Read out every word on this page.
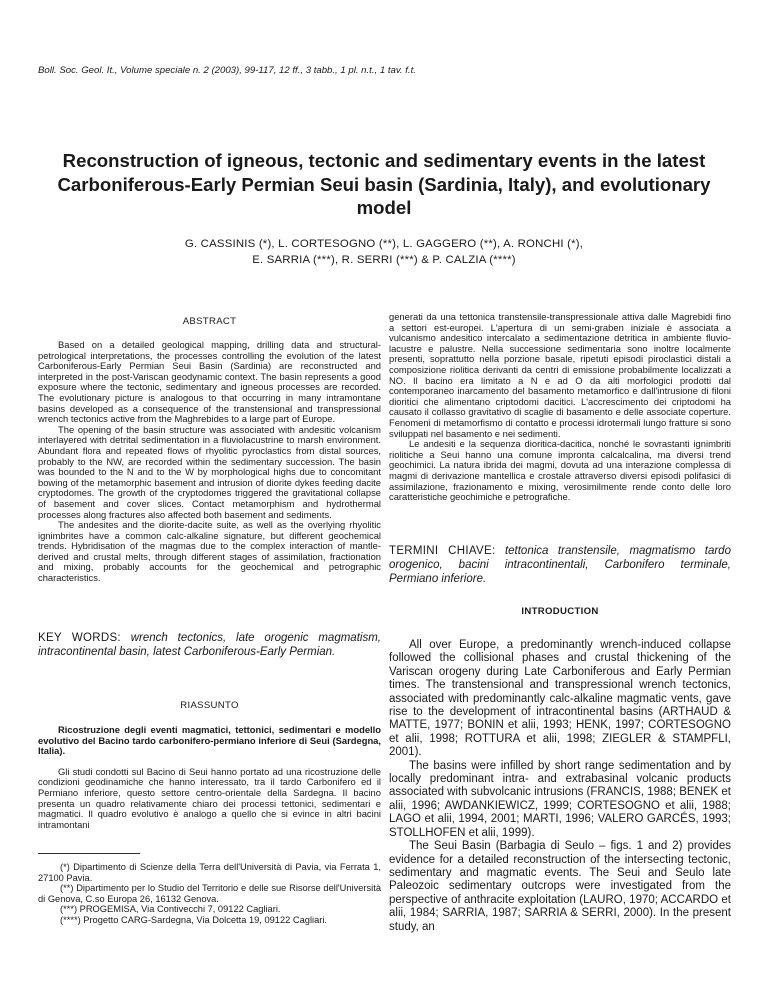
Boll. Soc. Geol. It., Volume speciale n. 2 (2003), 99-117, 12 ff., 3 tabb., 1 pl. n.t., 1 tav. f.t.
Reconstruction of igneous, tectonic and sedimentary events in the latest Carboniferous-Early Permian Seui basin (Sardinia, Italy), and evolutionary model
G. CASSINIS (*), L. CORTESOGNO (**), L. GAGGERO (**), A. RONCHI (*),
E. SARRIA (***), R. SERRI (***) & P. CALZIA (****)
ABSTRACT

Based on a detailed geological mapping, drilling data and structural-petrological interpretations, the processes controlling the evolution of the latest Carboniferous-Early Permian Seui Basin (Sardinia) are reconstructed and interpreted in the post-Variscan geodynamic context. The basin represents a good exposure where the tectonic, sedimentary and igneous processes are recorded. The evolutionary picture is analogous to that occurring in many intramontane basins developed as a consequence of the transtensional and transpressional wrench tectonics active from the Maghrebides to a large part of Europe.

The opening of the basin structure was associated with andesitic volcanism interlayered with detrital sedimentation in a fluviolacustrine to marsh environment. Abundant flora and repeated flows of rhyolitic pyroclastics from distal sources, probably to the NW, are recorded within the sedimentary succession. The basin was bounded to the N and to the W by morphological highs due to concomitant bowing of the metamorphic basement and intrusion of diorite dykes feeding dacite cryptodomes. The growth of the cryptodomes triggered the gravitational collapse of basement and cover slices. Contact metamorphism and hydrothermal processes along fractures also affected both basement and sediments.

The andesites and the diorite-dacite suite, as well as the overlying rhyolitic ignimbrites have a common calc-alkaline signature, but different geochemical trends. Hybridisation of the magmas due to the complex interaction of mantle-derived and crustal melts, through different stages of assimilation, fractionation and mixing, probably accounts for the geochemical and petrographic characteristics.

KEY WORDS: wrench tectonics, late orogenic magmatism, intracontinental basin, latest Carboniferous-Early Permian.
RIASSUNTO
Ricostruzione degli eventi magmatici, tettonici, sedimentari e modello evolutivo del Bacino tardo carbonifero-permiano inferiore di Seui (Sardegna, Italia).

Gli studi condotti sul Bacino di Seui hanno portato ad una ricostruzione delle condizioni geodinamiche che hanno interessato, tra il tardo Carbonifero ed il Permiano inferiore, questo settore centro-orientale della Sardegna. Il bacino presenta un quadro relativamente chiaro dei processi tettonici, sedimentari e magmatici. Il quadro evolutivo è analogo a quello che si evince in altri bacini intramontani

(*) Dipartimento di Scienze della Terra dell'Università di Pavia, via Ferrata 1, 27100 Pavia.
(**) Dipartimento per lo Studio del Territorio e delle sue Risorse dell'Università di Genova, C.so Europa 26, 16132 Genova.
(***) PROGEMISA, Via Contivecchi 7, 09122 Cagliari.
(****) Progetto CARG-Sardegna, Via Dolcetta 19, 09122 Cagliari.
generati da una tettonica transtensile-transpressionale attiva dalle Magrebidi fino a settori est-europei. L'apertura di un semi-graben iniziale è associata a vulcanismo andesitico intercalato a sedimentazione detritica in ambiente fluvio-lacustre e palustre. Nella successione sedimentaria sono inoltre localmente presenti, soprattutto nella porzione basale, ripetuti episodi piroclastici distali a composizione riolitica derivanti da centri di emissione probabilmente localizzati a NO. Il bacino era limitato a N e ad O da alti morfologici prodotti dal contemporaneo inarcamento del basamento metamorfico e dall'intrusione di filoni dioritici che alimentano criptodomi dacitici. L'accrescimento dei criptodomi ha causato il collasso gravitativo di scaglie di basamento e delle associate coperture. Fenomeni di metamorfismo di contatto e processi idrotermali lungo fratture si sono sviluppati nel basamento e nei sedimenti.

Le andesiti e la sequenza dioritica-dacitica, nonché le sovrastanti ignimbriti riolitiche a Seui hanno una comune impronta calcalcalina, ma diversi trend geochimici. La natura ibrida dei magmi, dovuta ad una interazione complessa di magmi di derivazione mantellica e crostale attraverso diversi episodi polifasici di assimilazione, frazionamento e mixing, verosimilmente rende conto delle loro caratteristiche geochimiche e petrografiche.

TERMINI CHIAVE: tettonica transtensile, magmatismo tardo orogenico, bacini intracontinentali, Carbonifero terminale, Permiano inferiore.
INTRODUCTION

All over Europe, a predominantly wrench-induced collapse followed the collisional phases and crustal thickening of the Variscan orogeny during Late Carboniferous and Early Permian times. The transtensional and transpressional wrench tectonics, associated with predominantly calc-alkaline magmatic vents, gave rise to the development of intracontinental basins (ARTHAUD & MATTE, 1977; BONIN et alii, 1993; HENK, 1997; CORTESOGNO et alii, 1998; ROTTURA et alii, 1998; ZIEGLER & STAMPFLI, 2001).

The basins were infilled by short range sedimentation and by locally predominant intra- and extrabasinal volcanic products associated with subvolcanic intrusions (FRANCIS, 1988; BENEK et alii, 1996; AWDANKIEWICZ, 1999; CORTESOGNO et alii, 1988; LAGO et alii, 1994, 2001; MARTI, 1996; VALERO GARCÉS, 1993; STOLLHOFEN et alii, 1999).

The Seui Basin (Barbagia di Seulo – figs. 1 and 2) provides evidence for a detailed reconstruction of the intersecting tectonic, sedimentary and magmatic events. The Seui and Seulo late Paleozoic sedimentary outcrops were investigated from the perspective of anthracite exploitation (LAURO, 1970; ACCARDO et alii, 1984; SARRIA, 1987; SARRIA & SERRI, 2000). In the present study, an
